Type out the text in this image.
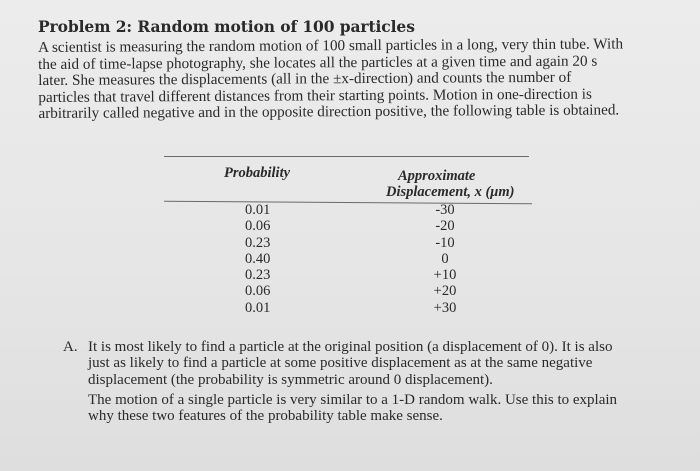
Problem 2: Random motion of 100 particles
A scientist is measuring the random motion of 100 small particles in a long, very thin tube. With
the aid of time-lapse photography, she locates all the particles at a given time and again 20 s
later. She measures the displacements (all in the ±x-direction) and counts the number of
particles that travel different distances from their starting points. Motion in one-direction is
arbitrarily called negative and in the opposite direction positive, the following table is obtained.
Probability	Approximate
Displacement, x (μm)
0.01
0.06
0.23
0.40
0.23
0.06
0.01
-30
-20
-10
0
+10
+20
+30
A. It is most likely to find a particle at the original position (a displacement of 0). It is also
just as likely to find a particle at some positive displacement as at the same negative
displacement (the probability is symmetric around 0 displacement).
The motion of a single particle is very similar to a 1-D random walk. Use this to explain
why these two features of the probability table make sense.
